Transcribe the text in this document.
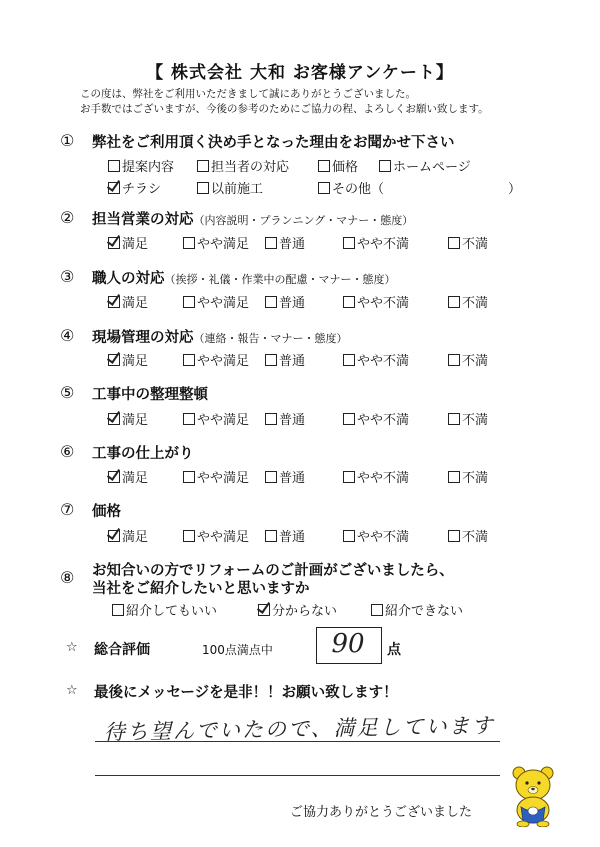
【 株式会社 大和 お客様アンケート】
この度は、弊社をご利用いただきまして誠にありがとうございました。
お手数ではございますが、今後の参考のためにご協力の程、よろしくお願い致します。
① 弊社をご利用頂く決め手となった理由をお聞かせ下さい
提案内容	担当者の対応	価格	ホームページ
チラシ	以前施工	その他（	）
② 担当営業の対応（内容説明・プランニング・マナー・態度）
満足	やや満足	普通	やや不満	不満
③ 職人の対応（挨拶・礼儀・作業中の配慮・マナー・態度）
満足	やや満足	普通	やや不満	不満
④ 現場管理の対応（連絡・報告・マナー・態度）
満足	やや満足	普通	やや不満	不満
⑤ 工事中の整理整頓
満足	やや満足	普通	やや不満	不満
⑥ 工事の仕上がり
満足	やや満足	普通	やや不満	不満
⑦ 価格
満足	やや満足	普通	やや不満	不満
⑧ お知合いの方でリフォームのご計画がございましたら、
当社をご紹介したいと思いますか
紹介してもいい	分からない	紹介できない
☆ 総合評価	100点満点中	90	点
☆ 最後にメッセージを是非！！お願い致します！
待ち望んでいたので、満足しています
ご協力ありがとうございました
